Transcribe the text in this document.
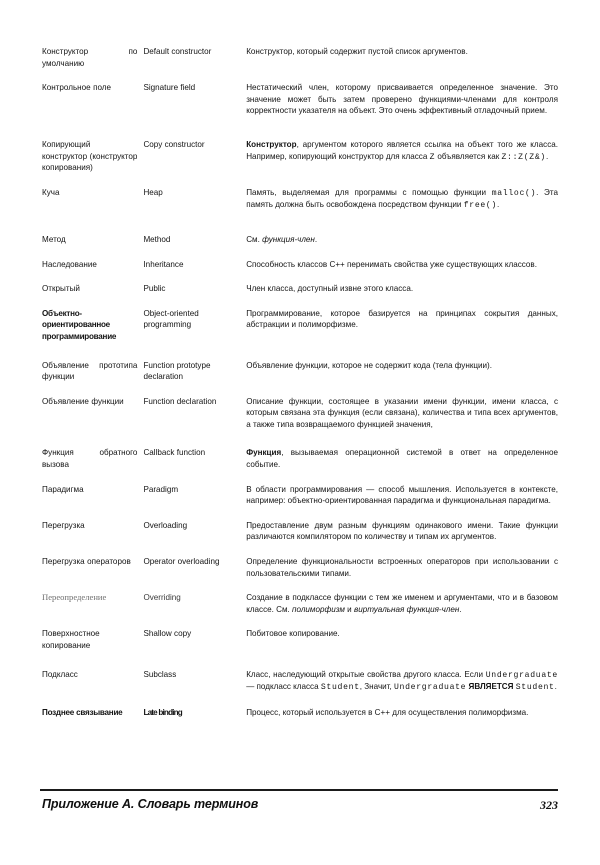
Конструктор по умолчанию	Default constructor	Конструктор, который содержит пустой список аргументов.
Контрольное поле	Signature field	Нестатический член, которому присваивается определенное значение. Это значение может быть затем проверено функциями-членами для контроля корректности указателя на объект. Это очень эффективный отладочный прием.
Копирующий конструктор (конструктор копирования)	Copy constructor	Конструктор, аргументом которого является ссылка на объект того же класса. Например, копирующий конструктор для класса Z объявляется как Z::Z(Z&).
Куча	Heap	Память, выделяемая для программы с помощью функции malloc(). Эта память должна быть освобождена посредством функции free().
Метод	Method	См. функция-член.
Наследование	Inheritance	Способность классов C++ перенимать свойства уже существующих классов.
Открытый	Public	Член класса, доступный извне этого класса.
Объектно-ориентированное программирование	Object-oriented programming	Программирование, которое базируется на принципах сокрытия данных, абстракции и полиморфизме.
Объявление прототипа функции	Function prototype declaration	Объявление функции, которое не содержит кода (тела функции).
Объявление функции	Function declaration	Описание функции, состоящее в указании имени функции, имени класса, с которым связана эта функция (если связана), количества и типа всех аргументов, а также типа возвращаемого функцией значения,
Функция обратного вызова	Callback function	Функция, вызываемая операционной системой в ответ на определенное событие.
Парадигма	Paradigm	В области программирования — способ мышления. Используется в контексте, например: объектно-ориентированная парадигма и функциональная парадигма.
Перегрузка	Overloading	Предоставление двум разным функциям одинакового имени. Такие функции различаются компилятором по количеству и типам их аргументов.
Перегрузка операторов	Operator overloading	Определение функциональности встроенных операторов при использовании с пользовательскими типами.
Переопределение	Overriding	Создание в подклассе функции с тем же именем и аргументами, что и в базовом классе. См. полиморфизм и виртуальная функция-член.
Поверхностное копирование	Shallow copy	Побитовое копирование.
Подкласс	Subclass	Класс, наследующий открытые свойства другого класса. Если Undergraduate — подкласс класса Student, Значит, Undergraduate ЯВЛЯЕТСЯ Student.
Позднее связывание	Late binding	Процесс, который используется в C++ для осуществления полиморфизма.
Приложение А. Словарь терминов	323
